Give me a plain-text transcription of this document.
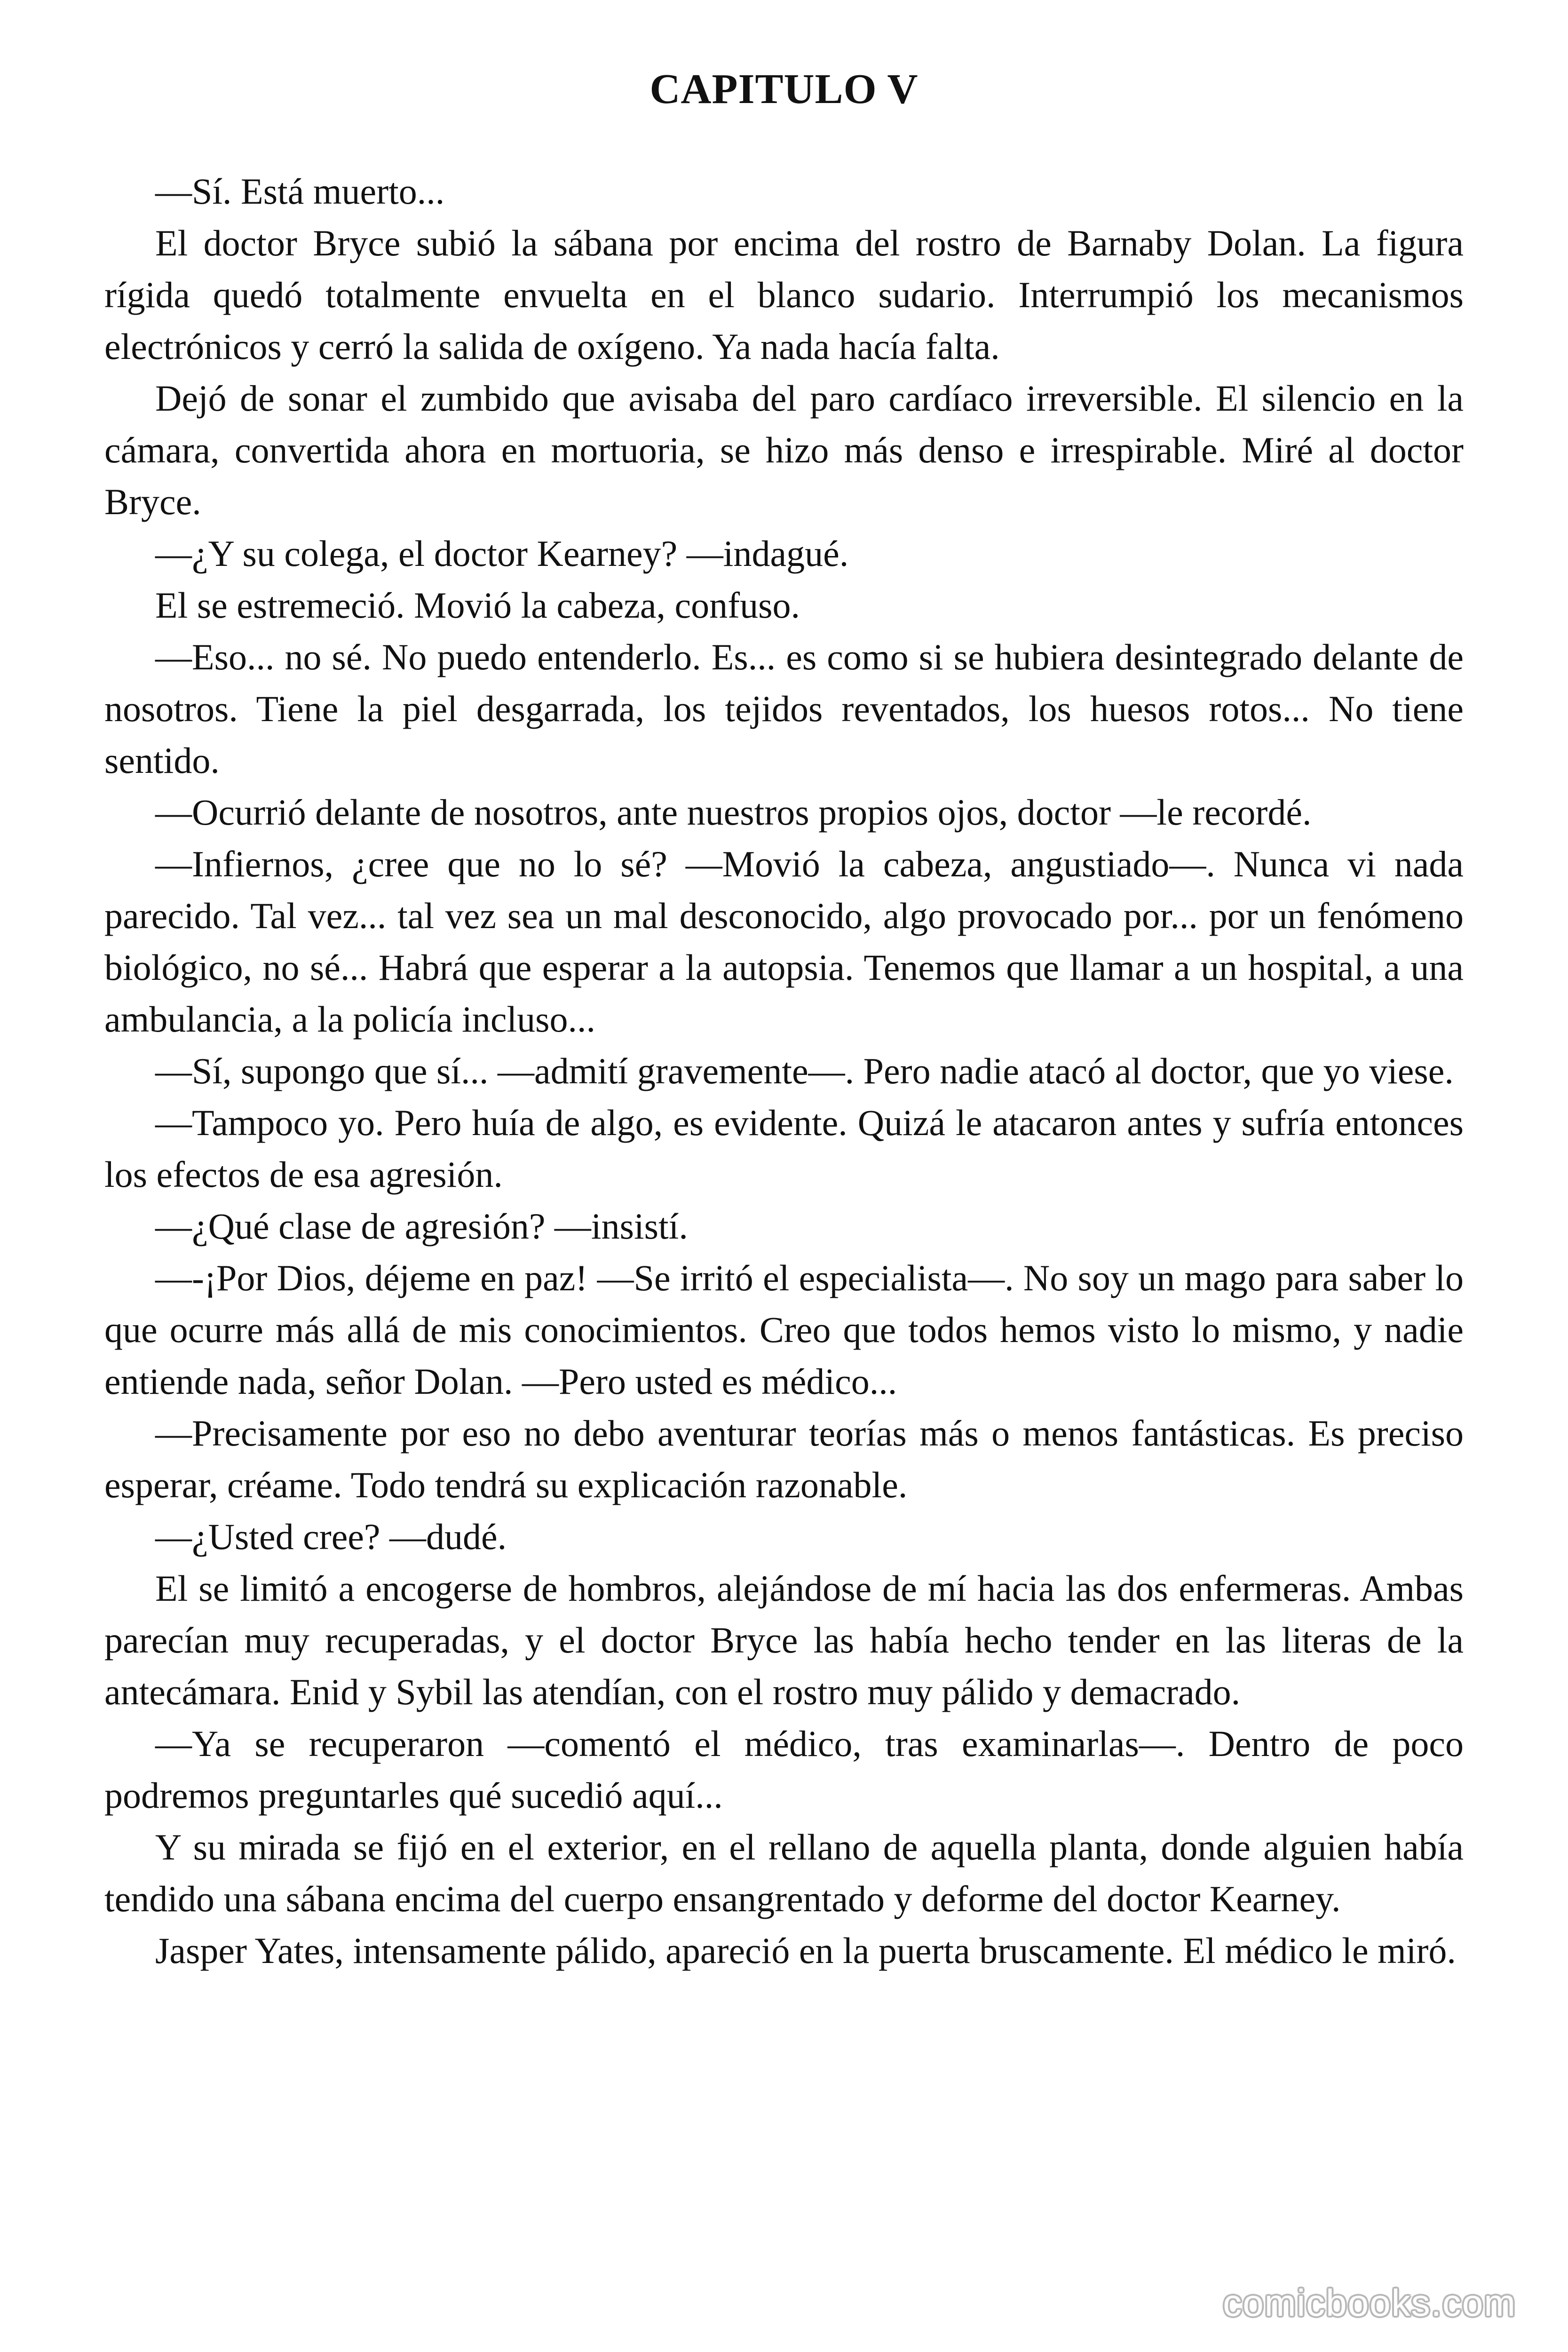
CAPITULO V

—Sí. Está muerto...

El doctor Bryce subió la sábana por encima del rostro de Barnaby Dolan. La figura rígida quedó totalmente envuelta en el blanco sudario. Interrumpió los mecanismos electrónicos y cerró la salida de oxígeno. Ya nada hacía falta.

Dejó de sonar el zumbido que avisaba del paro cardíaco irreversible. El silencio en la cámara, convertida ahora en mortuoria, se hizo más denso e irrespirable. Miré al doctor Bryce.

—¿Y su colega, el doctor Kearney? —indagué.

El se estremeció. Movió la cabeza, confuso.

—Eso... no sé. No puedo entenderlo. Es... es como si se hubiera desintegrado delante de nosotros. Tiene la piel desgarrada, los tejidos reventados, los huesos rotos... No tiene sentido.

—Ocurrió delante de nosotros, ante nuestros propios ojos, doctor —le recordé.

—Infiernos, ¿cree que no lo sé? —Movió la cabeza, angustiado—. Nunca vi nada parecido. Tal vez... tal vez sea un mal desconocido, algo provocado por... por un fenómeno biológico, no sé... Habrá que esperar a la autopsia. Tenemos que llamar a un hospital, a una ambulancia, a la policía incluso...

—Sí, supongo que sí... —admití gravemente—. Pero nadie atacó al doctor, que yo viese.

—Tampoco yo. Pero huía de algo, es evidente. Quizá le atacaron antes y sufría entonces los efectos de esa agresión.

—¿Qué clase de agresión? —insistí.

—-¡Por Dios, déjeme en paz! —Se irritó el especialista—. No soy un mago para saber lo que ocurre más allá de mis conocimientos. Creo que todos hemos visto lo mismo, y nadie entiende nada, señor Dolan. —Pero usted es médico...

—Precisamente por eso no debo aventurar teorías más o menos fantásticas. Es preciso esperar, créame. Todo tendrá su explicación razonable.

—¿Usted cree? —dudé.

El se limitó a encogerse de hombros, alejándose de mí hacia las dos enfermeras. Ambas parecían muy recuperadas, y el doctor Bryce las había hecho tender en las literas de la antecámara. Enid y Sybil las atendían, con el rostro muy pálido y demacrado.

—Ya se recuperaron —comentó el médico, tras examinarlas—. Dentro de poco podremos preguntarles qué sucedió aquí...

Y su mirada se fijó en el exterior, en el rellano de aquella planta, donde alguien había tendido una sábana encima del cuerpo ensangrentado y deforme del doctor Kearney.

Jasper Yates, intensamente pálido, apareció en la puerta bruscamente. El médico le miró.

comicbooks.com
